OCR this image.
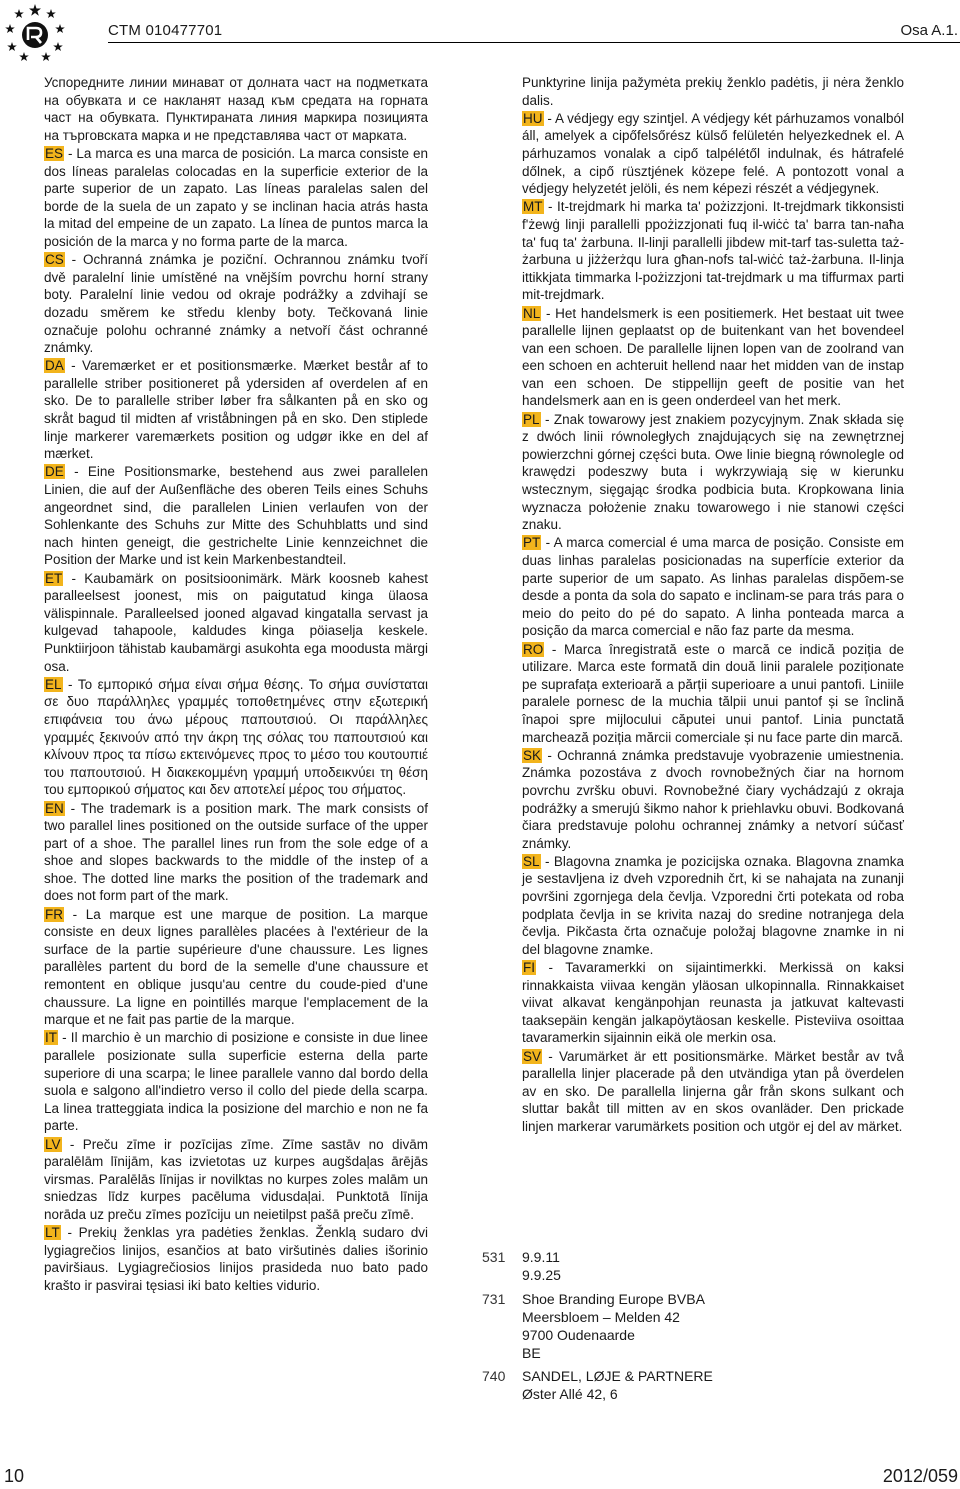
CTM 010477701	Osa A.1.

Успоредните линии минават от долната част на подметката на обувката и се накланят назад към средата на горната част на обувката. Пунктираната линия маркира позицията на търговската марка и не представлява част от марката.

ES - La marca es una marca de posición. La marca consiste en dos líneas paralelas colocadas en la superficie exterior de la parte superior de un zapato. Las líneas paralelas salen del borde de la suela de un zapato y se inclinan hacia atrás hasta la mitad del empeine de un zapato. La línea de puntos marca la posición de la marca y no forma parte de la marca.

CS - Ochranná známka je poziční. Ochrannou známku tvoří dvě paralelní linie umístěné na vnějším povrchu horní strany boty. Paralelní linie vedou od okraje podrážky a zdvihají se dozadu směrem ke středu klenby boty. Tečkovaná linie označuje polohu ochranné známky a netvoří část ochranné známky.

DA - Varemærket er et positionsmærke. Mærket består af to parallelle striber positioneret på ydersiden af overdelen af en sko. De to parallelle striber løber fra sålkanten på en sko og skråt bagud til midten af vriståbningen på en sko. Den stiplede linje markerer varemærkets position og udgør ikke en del af mærket.

DE - Eine Positionsmarke, bestehend aus zwei parallelen Linien, die auf der Außenfläche des oberen Teils eines Schuhs angeordnet sind, die parallelen Linien verlaufen von der Sohlenkante des Schuhs zur Mitte des Schuhblatts und sind nach hinten geneigt, die gestrichelte Linie kennzeichnet die Position der Marke und ist kein Markenbestandteil.

ET - Kaubamärk on positsioonimärk. Märk koosneb kahest paralleelsest joonest, mis on paigutatud kinga ülaosa välispinnale. Paralleelsed jooned algavad kingatalla servast ja kulgevad tahapoole, kaldudes kinga pöiaselja keskele. Punktiirjoon tähistab kaubamärgi asukohta ega moodusta märgi osa.

EL - Το εμπορικό σήμα είναι σήμα θέσης. Το σήμα συνίσταται σε δυο παράλληλες γραμμές τοποθετημένες στην εξωτερική επιφάνεια του άνω μέρους παπουτσιού. Οι παράλληλες γραμμές ξεκινούν από την άκρη της σόλας του παπουτσιού και κλίνουν προς τα πίσω εκτεινόμενες προς το μέσο του κουτουπιέ του παπουτσιού. Η διακεκομμένη γραμμή υποδεικνύει τη θέση του εμπορικού σήματος και δεν αποτελεί μέρος του σήματος.

EN - The trademark is a position mark. The mark consists of two parallel lines positioned on the outside surface of the upper part of a shoe. The parallel lines run from the sole edge of a shoe and slopes backwards to the middle of the instep of a shoe. The dotted line marks the position of the trademark and does not form part of the mark.

FR - La marque est une marque de position. La marque consiste en deux lignes parallèles placées à l'extérieur de la surface de la partie supérieure d'une chaussure. Les lignes parallèles partent du bord de la semelle d'une chaussure et remontent en oblique jusqu'au centre du coude-pied d'une chaussure. La ligne en pointillés marque l'emplacement de la marque et ne fait pas partie de la marque.

IT - Il marchio è un marchio di posizione e consiste in due linee parallele posizionate sulla superficie esterna della parte superiore di una scarpa; le linee parallele vanno dal bordo della suola e salgono all'indietro verso il collo del piede della scarpa. La linea tratteggiata indica la posizione del marchio e non ne fa parte.

LV - Preču zīme ir pozīcijas zīme. Zīme sastāv no divām paralēlām līnijām, kas izvietotas uz kurpes augšdaļas ārējās virsmas. Paralēlās līnijas ir novilktas no kurpes zoles malām un sniedzas līdz kurpes pacēluma vidusdaļai. Punktotā līnija norāda uz preču zīmes pozīciju un neietilpst pašā preču zīmē.

LT - Prekių ženklas yra padėties ženklas. Ženklą sudaro dvi lygiagrečios linijos, esančios at bato viršutinės dalies išorinio paviršiaus. Lygiagrečiosios linijos prasideda nuo bato pado krašto ir pasvirai tęsiasi iki bato kelties vidurio.

Punktyrine linija pažymėta prekių ženklo padėtis, ji nėra ženklo dalis.

HU - A védjegy egy szintjel. A védjegy két párhuzamos vonalból áll, amelyek a cipőfelsőrész külső felületén helyezkednek el. A párhuzamos vonalak a cipő talpélétől indulnak, és hátrafelé dőlnek, a cipő rüsztjének közepe felé. A pontozott vonal a védjegy helyzetét jelöli, és nem képezi részét a védjegynek.

MT - It-trejdmark hi marka ta' pożizzjoni. It-trejdmark tikkonsisti f'żewġ linji parallelli ppożizzjonati fuq il-wiċċ ta' barra tan-naħa ta' fuq ta' żarbuna. Il-linji parallelli jibdew mit-tarf tas-suletta taż-żarbuna u jiżżerżqu lura għan-nofs tal-wiċċ taż-żarbuna. Il-linja ittikkjata timmarka l-pożizzjoni tat-trejdmark u ma tiffurmax parti mit-trejdmark.

NL - Het handelsmerk is een positiemerk. Het bestaat uit twee parallelle lijnen geplaatst op de buitenkant van het bovendeel van een schoen. De parallelle lijnen lopen van de zoolrand van een schoen en achteruit hellend naar het midden van de instap van een schoen. De stippellijn geeft de positie van het handelsmerk aan en is geen onderdeel van het merk.

PL - Znak towarowy jest znakiem pozycyjnym. Znak składa się z dwóch linii równoległych znajdujących się na zewnętrznej powierzchni górnej części buta. Owe linie biegną równolegle od krawędzi podeszwy buta i wykrzywiają się w kierunku wstecznym, sięgając środka podbicia buta. Kropkowana linia wyznacza położenie znaku towarowego i nie stanowi części znaku.

PT - A marca comercial é uma marca de posição. Consiste em duas linhas paralelas posicionadas na superfície exterior da parte superior de um sapato. As linhas paralelas dispõem-se desde a ponta da sola do sapato e inclinam-se para trás para o meio do peito do pé do sapato. A linha ponteada marca a posição da marca comercial e não faz parte da mesma.

RO - Marca înregistrată este o marcă ce indică poziția de utilizare. Marca este formată din două linii paralele poziționate pe suprafața exterioară a părții superioare a unui pantofi. Liniile paralele pornesc de la muchia tălpii unui pantof și se înclină înapoi spre mijlocului căputei unui pantof. Linia punctată marchează poziția mărcii comerciale și nu face parte din marcă.

SK - Ochranná známka predstavuje vyobrazenie umiestnenia. Známka pozostáva z dvoch rovnobežných čiar na hornom povrchu zvršku obuvi. Rovnobežné čiary vychádzajú z okraja podrážky a smerujú šikmo nahor k priehlavku obuvi. Bodkovaná čiara predstavuje polohu ochrannej známky a netvorí súčasť známky.

SL - Blagovna znamka je pozicijska oznaka. Blagovna znamka je sestavljena iz dveh vzporednih črt, ki se nahajata na zunanji površini zgornjega dela čevlja. Vzporedni črti potekata od roba podplata čevlja in se krivita nazaj do sredine notranjega dela čevlja. Pikčasta črta označuje položaj blagovne znamke in ni del blagovne znamke.

FI - Tavaramerkki on sijaintimerkki. Merkissä on kaksi rinnakkaista viivaa kengän yläosan ulkopinnalla. Rinnakkaiset viivat alkavat kengänpohjan reunasta ja jatkuvat kaltevasti taaksepäin kengän jalkapöytäosan keskelle. Pisteviiva osoittaa tavaramerkin sijainnin eikä ole merkin osa.

SV - Varumärket är ett positionsmärke. Märket består av två parallella linjer placerade på den utvändiga ytan på överdelen av en sko. De parallella linjerna går från skons sulkant och sluttar bakåt till mitten av en skos ovanläder. Den prickade linjen markerar varumärkets position och utgör ej del av märket.

531	9.9.11
9.9.25
731	Shoe Branding Europe BVBA
Meersbloem – Melden 42
9700 Oudenaarde
BE
740	SANDEL, LØJE & PARTNERE
Øster Allé 42, 6
10	2012/059
